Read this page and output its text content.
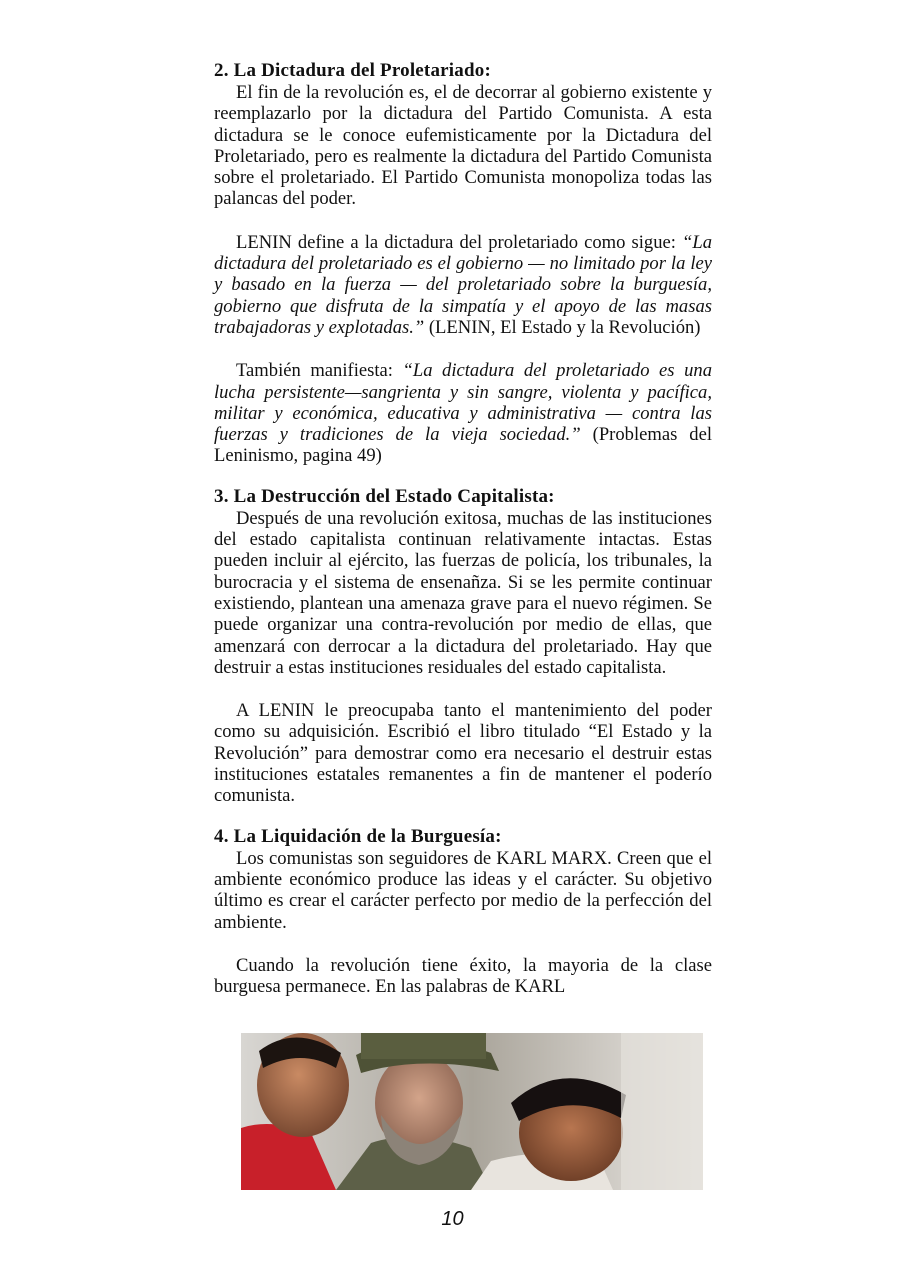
2. La Dictadura del Proletariado:

El fin de la revolución es, el de decorrar al gobierno existente y reemplazarlo por la dictadura del Partido Comunista. A esta dictadura se le conoce eufemisticamente por la Dictadura del Proletariado, pero es realmente la dictadura del Partido Comunista sobre el proletariado. El Partido Comunista monopoliza todas las palancas del poder.

LENIN define a la dictadura del proletariado como sigue: “La dictadura del proletariado es el gobierno — no limitado por la ley y basado en la fuerza — del proletariado sobre la burguesía, gobierno que disfruta de la simpatía y el apoyo de las masas trabajadoras y explotadas.” (LENIN, El Estado y la Revolución)

También manifiesta: “La dictadura del proletariado es una lucha persistente—sangrienta y sin sangre, violenta y pacífica, militar y económica, educativa y administrativa — contra las fuerzas y tradiciones de la vieja sociedad.” (Problemas del Leninismo, pagina 49)

3. La Destrucción del Estado Capitalista:

Después de una revolución exitosa, muchas de las instituciones del estado capitalista continuan relativamente intactas. Estas pueden incluir al ejército, las fuerzas de policía, los tribunales, la burocracia y el sistema de ensenañza. Si se les permite continuar existiendo, plantean una amenaza grave para el nuevo régimen. Se puede organizar una contra-revolución por medio de ellas, que amenzará con derrocar a la dictadura del proletariado. Hay que destruir a estas instituciones residuales del estado capitalista.

A LENIN le preocupaba tanto el mantenimiento del poder como su adquisición. Escribió el libro titulado “El Estado y la Revolución” para demostrar como era necesario el destruir estas instituciones estatales remanentes a fin de mantener el poderío comunista.

4. La Liquidación de la Burguesía:

Los comunistas son seguidores de KARL MARX. Creen que el ambiente económico produce las ideas y el carácter. Su objetivo último es crear el carácter perfecto por medio de la perfección del ambiente.

Cuando la revolución tiene éxito, la mayoria de la clase burguesa permanece. En las palabras de KARL

10
